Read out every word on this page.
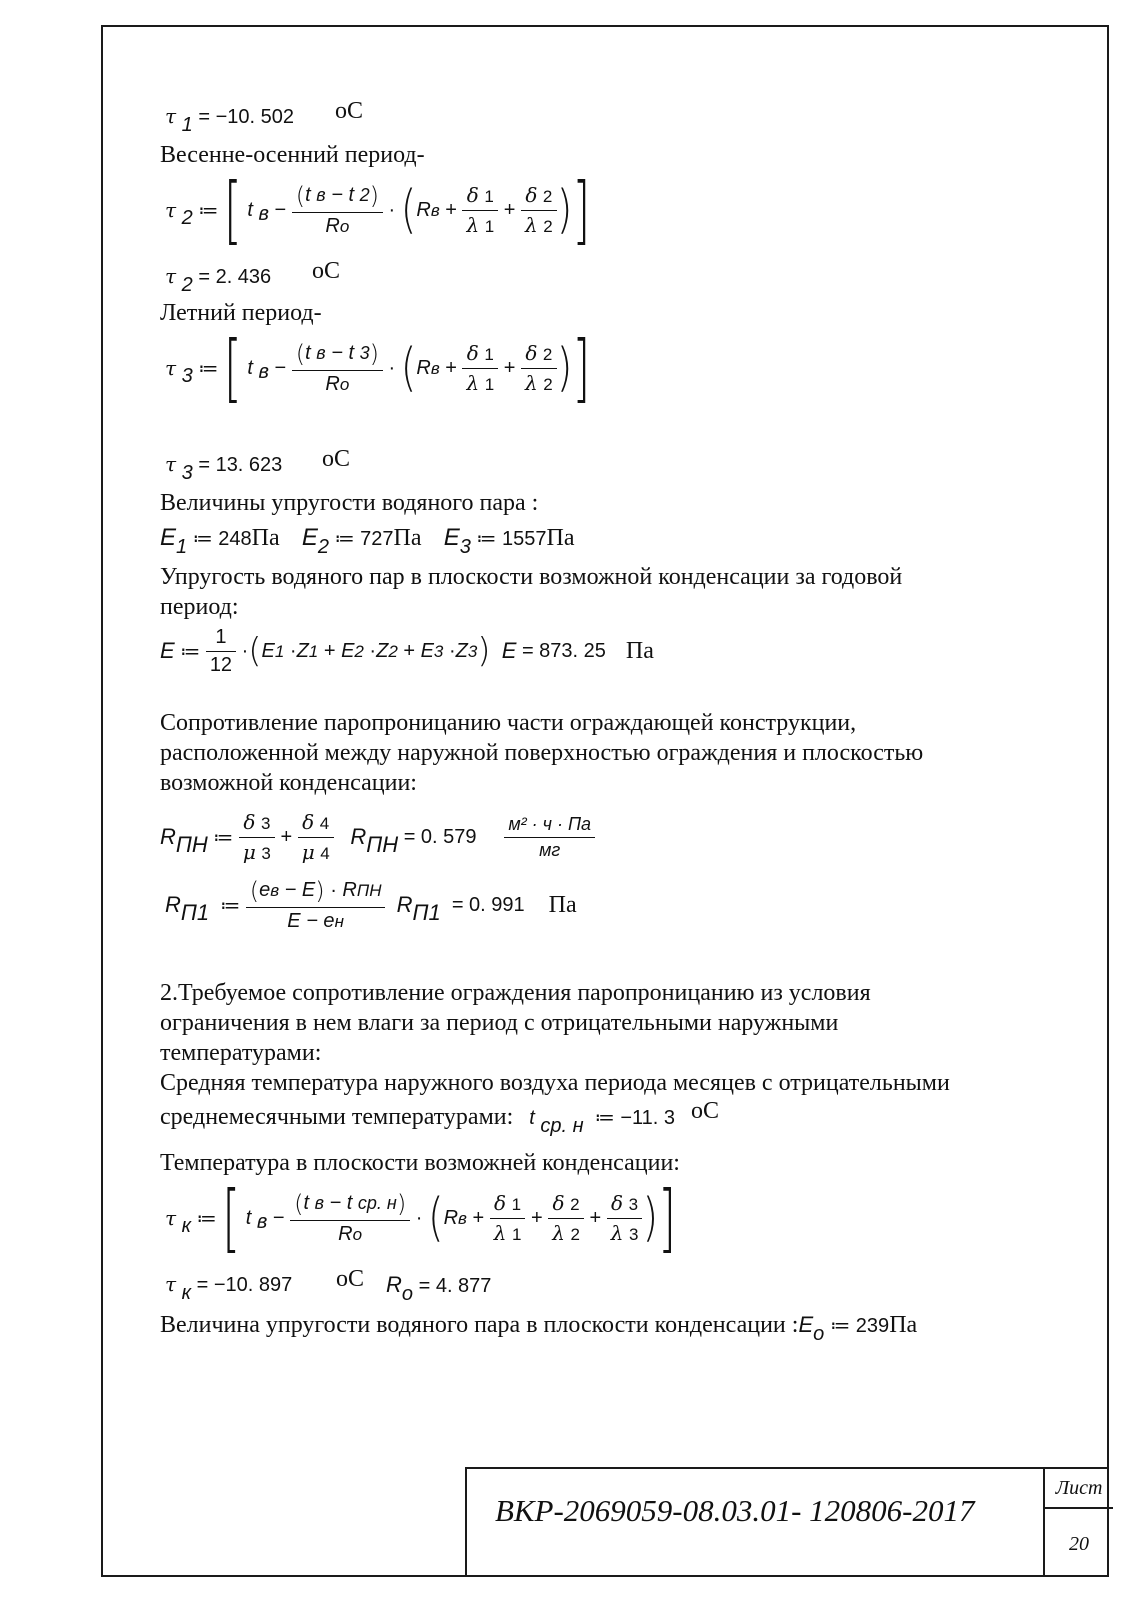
τ 1 = −10. 502 оС
Весенне-осенний период-
τ 2 ≔ [ t в − (t в − t 2)
Ro
· ( Rв +
δ 1
λ 1
+
δ 2
λ 2 ) ]
τ 2 = 2. 436 оС
Летний период-
τ 3 ≔ [ t в − (t в − t 3)
Ro
· ( Rв +
δ 1
λ 1
+
δ 2
λ 2 ) ]
τ 3 = 13. 623 оС
Величины упругости водяного пара :
E1 ≔ 248Па E2 ≔ 727Па E3 ≔ 1557Па
Упругость водяного пар в плоскости возможной конденсации за годовой
период:
E ≔
1
12
· ( E1 · Z1 + E2 · Z2 + E3 · Z3 )
E
= 873. 25 Па
Сопротивление паропроницанию части ограждающей конструкции,
расположенной между наружной поверхностью ограждения и плоскостью
возможной конденсации:
R ПН ≔
δ 3
μ 3
+
δ 4
μ 4

R ПН
= 0. 579

м² · ч · Па
мг
R П1 ≔
(eв − E) · RПН
E − eн

R П1
= 0. 991 Па
2.Требуемое сопротивление ограждения паропроницанию из условия
ограничения в нем влаги за период с отрицательными наружными
температурами:
Средняя температура наружного воздуха периода месяцев с отрицательными
среднемесячными температурами: t ср. н ≔ −11. 3 оС
Температура в плоскости возможней конденсации:
τ к ≔ [ t в − (t в − t ср. н)
Ro
· ( Rв +
δ 1
λ 1
+
δ 2
λ 2
+
δ 3
λ 3 ) ]
τ к = −10. 897 оС Ro = 4. 877
Величина упругости водяного пара в плоскости конденсации $:E_o$ ≔ 239Па
ВКР-2069059-08.03.01- 120806-2017
Лист
20
